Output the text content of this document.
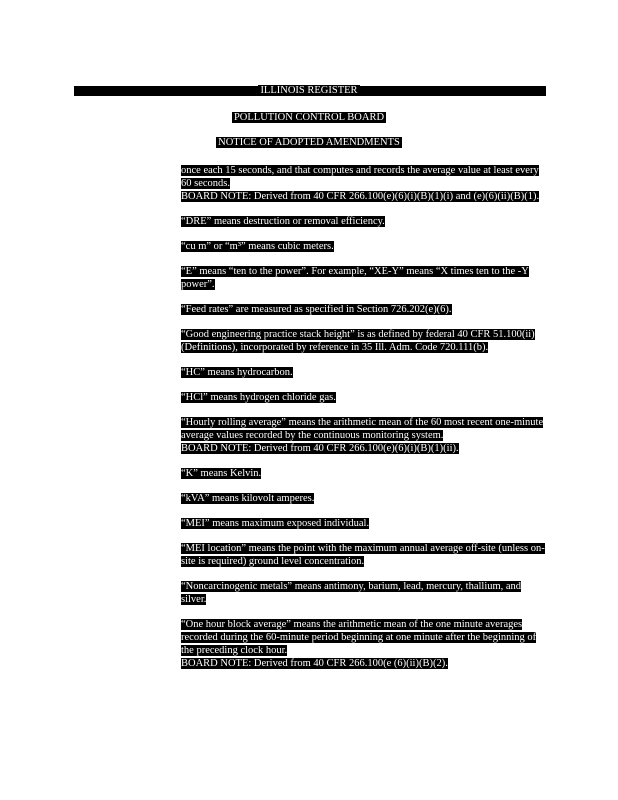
ILLINOIS REGISTER
POLLUTION CONTROL BOARD
NOTICE OF ADOPTED AMENDMENTS
once each 15 seconds, and that computes and records the average value at least every 60 seconds.
BOARD NOTE: Derived from 40 CFR 266.100(e)(6)(i)(B)(1)(i) and (e)(6)(ii)(B)(1).
“DRE” means destruction or removal efficiency.
“cu m” or “m³” means cubic meters.
“E” means “ten to the power”. For example, “XE-Y” means “X times ten to the -Y power”.
“Feed rates” are measured as specified in Section 726.202(e)(6).
“Good engineering practice stack height” is as defined by federal 40 CFR 51.100(ii) (Definitions), incorporated by reference in 35 Ill. Adm. Code 720.111(b).
“HC” means hydrocarbon.
“HCl” means hydrogen chloride gas.
“Hourly rolling average” means the arithmetic mean of the 60 most recent one-minute average values recorded by the continuous monitoring system.
BOARD NOTE: Derived from 40 CFR 266.100(e)(6)(i)(B)(1)(ii).
“K” means Kelvin.
“kVA” means kilovolt amperes.
“MEI” means maximum exposed individual.
“MEI location” means the point with the maximum annual average off-site (unless on-site is required) ground level concentration.
“Noncarcinogenic metals” means antimony, barium, lead, mercury, thallium, and silver.
“One hour block average” means the arithmetic mean of the one minute averages recorded during the 60-minute period beginning at one minute after the beginning of the preceding clock hour.
BOARD NOTE: Derived from 40 CFR 266.100(e (6)(ii)(B)(2).
